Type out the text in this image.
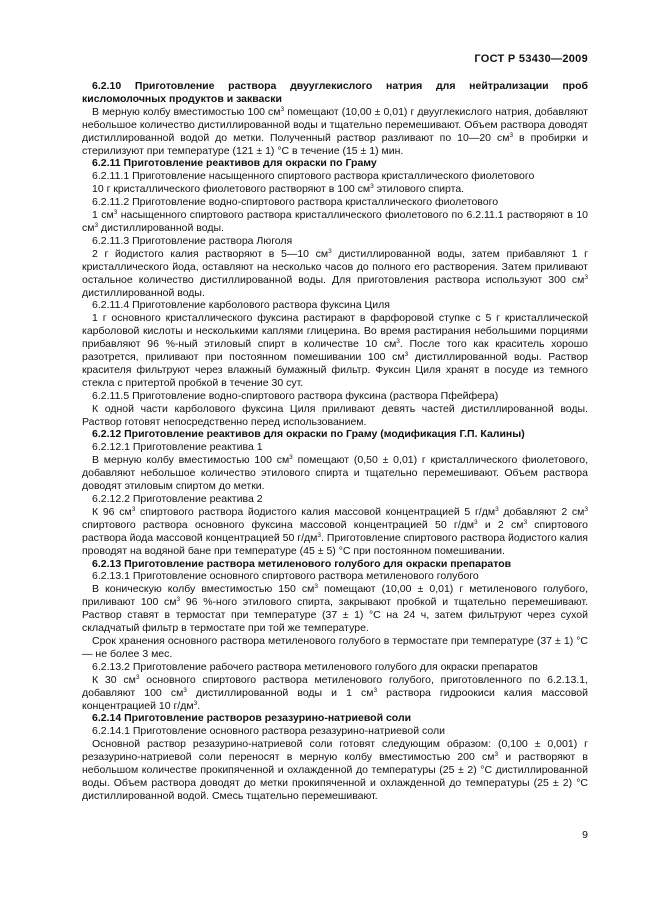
ГОСТ Р 53430—2009

6.2.10 Приготовление раствора двууглекислого натрия для нейтрализации проб кисломолочных продуктов и закваски

В мерную колбу вместимостью 100 $см^3$ помещают (10,00 ± 0,01) г двууглекислого натрия, добавляют небольшое количество дистиллированной воды и тщательно перемешивают. Объем раствора доводят дистиллированной водой до метки. Полученный раствор разливают по 10—20 $см^3$ в пробирки и стерилизуют при температуре (121 ± 1) °С в течение (15 ± 1) мин.

6.2.11 Приготовление реактивов для окраски по Граму

6.2.11.1 Приготовление насыщенного спиртового раствора кристаллического фиолетового

10 г кристаллического фиолетового растворяют в 100 $см^3$ этилового спирта.

6.2.11.2 Приготовление водно-спиртового раствора кристаллического фиолетового

1 $см^3$ насыщенного спиртового раствора кристаллического фиолетового по 6.2.11.1 растворяют в 10 $см^3$ дистиллированной воды.

6.2.11.3 Приготовление раствора Люголя

2 г йодистого калия растворяют в 5—10 $см^3$ дистиллированной воды, затем прибавляют 1 г кристаллического йода, оставляют на несколько часов до полного его растворения. Затем приливают остальное количество дистиллированной воды. Для приготовления раствора используют 300 $см^3$ дистиллированной воды.

6.2.11.4 Приготовление карболового раствора фуксина Циля

1 г основного кристаллического фуксина растирают в фарфоровой ступке с 5 г кристаллической карболовой кислоты и несколькими каплями глицерина. Во время растирания небольшими порциями прибавляют 96 %-ный этиловый спирт в количестве 10 $см^3$. После того как краситель хорошо разотрется, приливают при постоянном помешивании 100 $см^3$ дистиллированной воды. Раствор красителя фильтруют через влажный бумажный фильтр. Фуксин Циля хранят в посуде из темного стекла с притертой пробкой в течение 30 сут.

6.2.11.5 Приготовление водно-спиртового раствора фуксина (раствора Пфейфера)

К одной части карболового фуксина Циля приливают девять частей дистиллированной воды. Раствор готовят непосредственно перед использованием.

6.2.12 Приготовление реактивов для окраски по Граму (модификация Г.П. Калины)

6.2.12.1 Приготовление реактива 1

В мерную колбу вместимостью 100 $см^3$ помещают (0,50 ± 0,01) г кристаллического фиолетового, добавляют небольшое количество этилового спирта и тщательно перемешивают. Объем раствора доводят этиловым спиртом до метки.

6.2.12.2 Приготовление реактива 2

К 96 $см^3$ спиртового раствора йодистого калия массовой концентрацией 5 $г/дм^3$ добавляют 2 $см^3$ спиртового раствора основного фуксина массовой концентрацией 50 $г/дм^3$ и 2 $см^3$ спиртового раствора йода массовой концентрацией 50 $г/дм^3$. Приготовление спиртового раствора йодистого калия проводят на водяной бане при температуре (45 ± 5) °С при постоянном помешивании.

6.2.13 Приготовление раствора метиленового голубого для окраски препаратов

6.2.13.1 Приготовление основного спиртового раствора метиленового голубого

В коническую колбу вместимостью 150 $см^3$ помещают (10,00 ± 0,01) г метиленового голубого, приливают 100 $см^3$ 96 %-ного этилового спирта, закрывают пробкой и тщательно перемешивают. Раствор ставят в термостат при температуре (37 ± 1) °С на 24 ч, затем фильтруют через сухой складчатый фильтр в термостате при той же температуре.

Срок хранения основного раствора метиленового голубого в термостате при температуре (37 ± 1) °С — не более 3 мес.

6.2.13.2 Приготовление рабочего раствора метиленового голубого для окраски препаратов

К 30 $см^3$ основного спиртового раствора метиленового голубого, приготовленного по 6.2.13.1, добавляют 100 $см^3$ дистиллированной воды и 1 $см^3$ раствора гидроокиси калия массовой концентрацией 10 $г/дм^3$.

6.2.14 Приготовление растворов резазурино-натриевой соли

6.2.14.1 Приготовление основного раствора резазурино-натриевой соли

Основной раствор резазурино-натриевой соли готовят следующим образом: (0,100 ± 0,001) г резазурино-натриевой соли переносят в мерную колбу вместимостью 200 $см^3$ и растворяют в небольшом количестве прокипяченной и охлажденной до температуры (25 ± 2) °С дистиллированной воды. Объем раствора доводят до метки прокипяченной и охлажденной до температуры (25 ± 2) °С дистиллированной водой. Смесь тщательно перемешивают.

9
